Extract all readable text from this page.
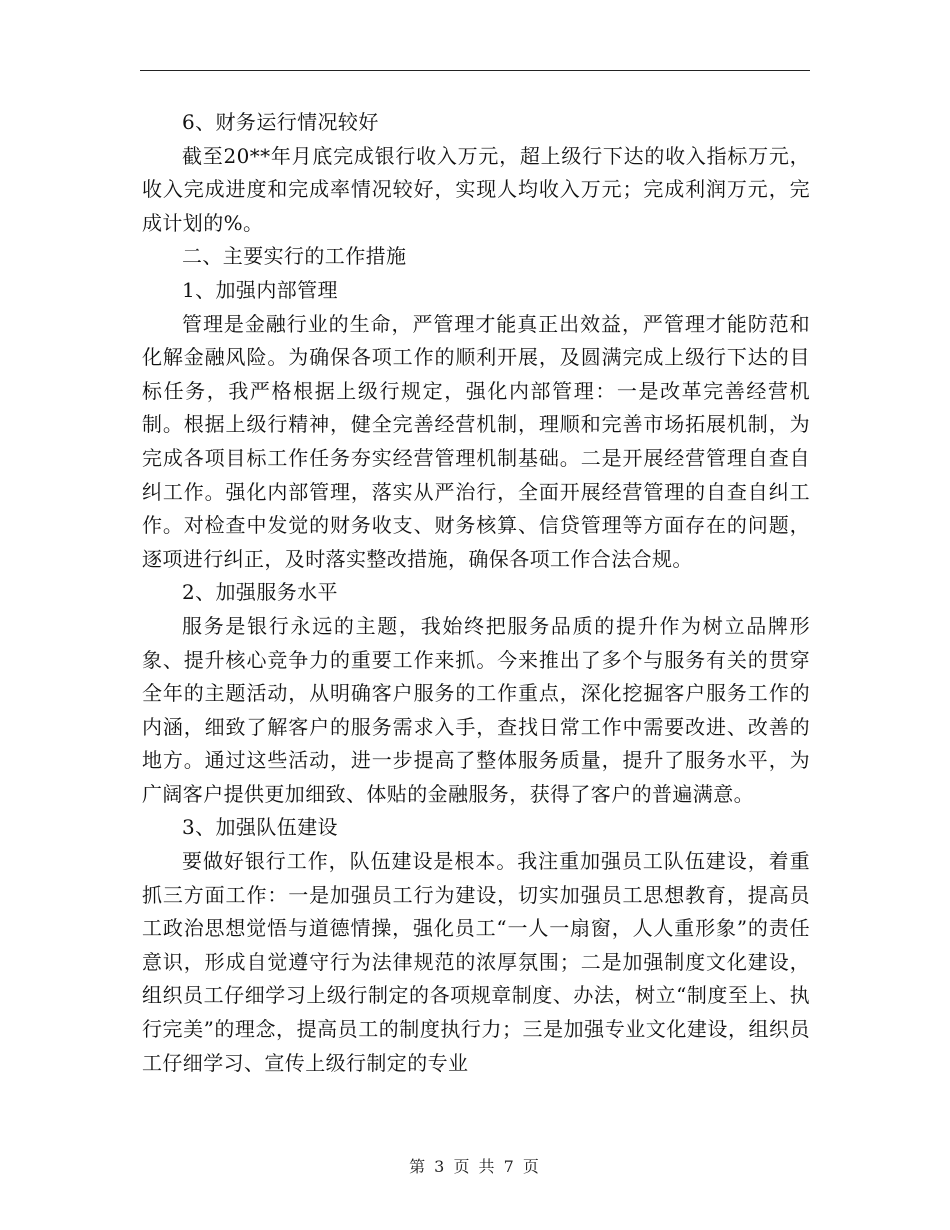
6、财务运行情况较好

截至20**年月底完成银行收入万元，超上级行下达的收入指标万元，收入完成进度和完成率情况较好，实现人均收入万元；完成利润万元，完成计划的%。

二、主要实行的工作措施

1、加强内部管理

管理是金融行业的生命，严管理才能真正出效益，严管理才能防范和化解金融风险。为确保各项工作的顺利开展，及圆满完成上级行下达的目标任务，我严格根据上级行规定，强化内部管理：一是改革完善经营机制。根据上级行精神，健全完善经营机制，理顺和完善市场拓展机制，为完成各项目标工作任务夯实经营管理机制基础。二是开展经营管理自查自纠工作。强化内部管理，落实从严治行，全面开展经营管理的自查自纠工作。对检查中发觉的财务收支、财务核算、信贷管理等方面存在的问题，逐项进行纠正，及时落实整改措施，确保各项工作合法合规。

2、加强服务水平

服务是银行永远的主题，我始终把服务品质的提升作为树立品牌形象、提升核心竞争力的重要工作来抓。今来推出了多个与服务有关的贯穿全年的主题活动，从明确客户服务的工作重点，深化挖掘客户服务工作的内涵，细致了解客户的服务需求入手，查找日常工作中需要改进、改善的地方。通过这些活动，进一步提高了整体服务质量，提升了服务水平，为广阔客户提供更加细致、体贴的金融服务，获得了客户的普遍满意。

3、加强队伍建设

要做好银行工作，队伍建设是根本。我注重加强员工队伍建设，着重抓三方面工作：一是加强员工行为建设，切实加强员工思想教育，提高员工政治思想觉悟与道德情操，强化员工“一人一扇窗，人人重形象”的责任意识，形成自觉遵守行为法律规范的浓厚氛围；二是加强制度文化建设，组织员工仔细学习上级行制定的各项规章制度、办法，树立“制度至上、执行完美”的理念，提高员工的制度执行力；三是加强专业文化建设，组织员工仔细学习、宣传上级行制定的专业

第 3 页 共 7 页
